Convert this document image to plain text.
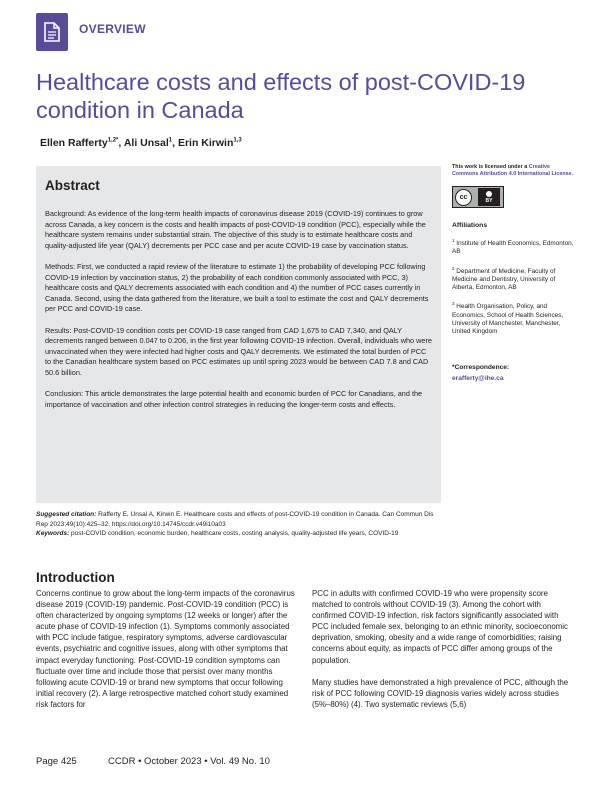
OVERVIEW
Healthcare costs and effects of post-COVID-19 condition in Canada
Ellen Rafferty$^{1,2*}$, Ali Unsal$^1$, Erin Kirwin$^{1,3}$
Abstract

Background: As evidence of the long-term health impacts of coronavirus disease 2019 (COVID-19) continues to grow across Canada, a key concern is the costs and health impacts of post-COVID-19 condition (PCC), especially while the healthcare system remains under substantial strain. The objective of this study is to estimate healthcare costs and quality-adjusted life year (QALY) decrements per PCC case and per acute COVID-19 case by vaccination status.

Methods: First, we conducted a rapid review of the literature to estimate 1) the probability of developing PCC following COVID-19 infection by vaccination status, 2) the probability of each condition commonly associated with PCC, 3) healthcare costs and QALY decrements associated with each condition and 4) the number of PCC cases currently in Canada. Second, using the data gathered from the literature, we built a tool to estimate the cost and QALY decrements per PCC and COVID-19 case.

Results: Post-COVID-19 condition costs per COVID-19 case ranged from CAD 1,675 to CAD 7,340, and QALY decrements ranged between 0.047 to 0.206, in the first year following COVID-19 infection. Overall, individuals who were unvaccinated when they were infected had higher costs and QALY decrements. We estimated the total burden of PCC to the Canadian healthcare system based on PCC estimates up until spring 2023 would be between CAD 7.8 and CAD 50.6 billion.

Conclusion: This article demonstrates the large potential health and economic burden of PCC for Canadians, and the importance of vaccination and other infection control strategies in reducing the longer-term costs and effects.

Suggested citation: Rafferty E, Unsal A, Kirwin E. Healthcare costs and effects of post-COVID-19 condition in Canada. Can Commun Dis Rep 2023;49(10):425–32. https://doi.org/10.14745/ccdr.v49i10a03
Keywords: post-COVID condition, economic burden, healthcare costs, costing analysis, quality-adjusted life years, COVID-19
This work is licensed under a Creative Commons Attribution 4.0 International License.
cc	BY
Affiliations
$^1$ Institute of Health Economics, Edmonton, AB
$^2$ Department of Medicine, Faculty of Medicine and Dentistry, University of Alberta, Edmonton, AB
$^3$ Health Organisation, Policy, and Economics, School of Health Sciences, University of Manchester, Manchester, United Kingdom
*Correspondence:
erafferty@ihe.ca
Introduction

Concerns continue to grow about the long-term impacts of the coronavirus disease 2019 (COVID-19) pandemic. Post-COVID-19 condition (PCC) is often characterized by ongoing symptoms (12 weeks or longer) after the acute phase of COVID-19 infection (1). Symptoms commonly associated with PCC include fatigue, respiratory symptoms, adverse cardiovascular events, psychiatric and cognitive issues, along with other symptoms that impact everyday functioning. Post-COVID-19 condition symptoms can fluctuate over time and include those that persist over many months following acute COVID-19 or brand new symptoms that occur following initial recovery (2). A large retrospective matched cohort study examined risk factors for

PCC in adults with confirmed COVID-19 who were propensity score matched to controls without COVID-19 (3). Among the cohort with confirmed COVID-19 infection, risk factors significantly associated with PCC included female sex, belonging to an ethnic minority, socioeconomic deprivation, smoking, obesity and a wide range of comorbidities; raising concerns about equity, as impacts of PCC differ among groups of the population.

Many studies have demonstrated a high prevalence of PCC, although the risk of PCC following COVID-19 diagnosis varies widely across studies (5%–80%) (4). Two systematic reviews (5,6)

Page 425	CCDR • October 2023 • Vol. 49 No. 10
